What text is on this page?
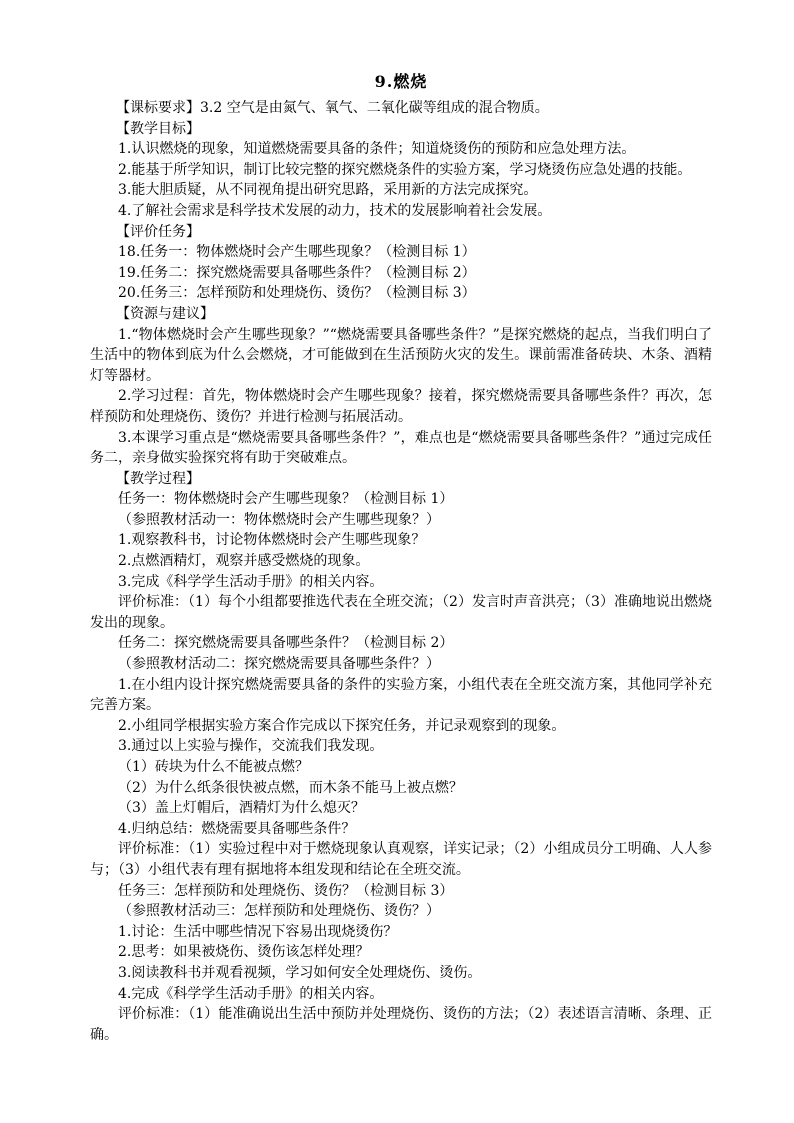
9.燃烧

【课标要求】3.2 空气是由氮气、氧气、二氧化碳等组成的混合物质。

【教学目标】

1.认识燃烧的现象，知道燃烧需要具备的条件；知道烧烫伤的预防和应急处理方法。

2.能基于所学知识，制订比较完整的探究燃烧条件的实验方案，学习烧烫伤应急处遇的技能。

3.能大胆质疑，从不同视角提出研究思路，采用新的方法完成探究。

4.了解社会需求是科学技术发展的动力，技术的发展影响着社会发展。

【评价任务】

18.任务一：物体燃烧时会产生哪些现象？（检测目标 1）

19.任务二：探究燃烧需要具备哪些条件？（检测目标 2）

20.任务三：怎样预防和处理烧伤、烫伤？（检测目标 3）

【资源与建议】

1.“物体燃烧时会产生哪些现象？”“燃烧需要具备哪些条件？”是探究燃烧的起点，当我们明白了生活中的物体到底为什么会燃烧，才可能做到在生活预防火灾的发生。课前需准备砖块、木条、酒精灯等器材。

2.学习过程：首先，物体燃烧时会产生哪些现象？接着，探究燃烧需要具备哪些条件？再次，怎样预防和处理烧伤、烫伤？并进行检测与拓展活动。

3.本课学习重点是“燃烧需要具备哪些条件？”，难点也是“燃烧需要具备哪些条件？”通过完成任务二，亲身做实验探究将有助于突破难点。

【教学过程】

任务一：物体燃烧时会产生哪些现象？（检测目标 1）

（参照教材活动一：物体燃烧时会产生哪些现象？）

1.观察教科书，讨论物体燃烧时会产生哪些现象？

2.点燃酒精灯，观察并感受燃烧的现象。

3.完成《科学学生活动手册》的相关内容。

评价标准：（1）每个小组都要推选代表在全班交流；（2）发言时声音洪亮；（3）准确地说出燃烧发出的现象。

任务二：探究燃烧需要具备哪些条件？（检测目标 2）

（参照教材活动二：探究燃烧需要具备哪些条件？）

1.在小组内设计探究燃烧需要具备的条件的实验方案，小组代表在全班交流方案，其他同学补充完善方案。

2.小组同学根据实验方案合作完成以下探究任务，并记录观察到的现象。

3.通过以上实验与操作，交流我们我发现。

（1）砖块为什么不能被点燃？

（2）为什么纸条很快被点燃，而木条不能马上被点燃？

（3）盖上灯帽后，酒精灯为什么熄灭？

4.归纳总结：燃烧需要具备哪些条件？

评价标准：（1）实验过程中对于燃烧现象认真观察，详实记录；（2）小组成员分工明确、人人参与；（3）小组代表有理有据地将本组发现和结论在全班交流。

任务三：怎样预防和处理烧伤、烫伤？（检测目标 3）

（参照教材活动三：怎样预防和处理烧伤、烫伤？）

1.讨论：生活中哪些情况下容易出现烧烫伤？

2.思考：如果被烧伤、烫伤该怎样处理？

3.阅读教科书并观看视频，学习如何安全处理烧伤、烫伤。

4.完成《科学学生活动手册》的相关内容。

评价标准：（1）能准确说出生活中预防并处理烧伤、烫伤的方法；（2）表述语言清晰、条理、正确。
